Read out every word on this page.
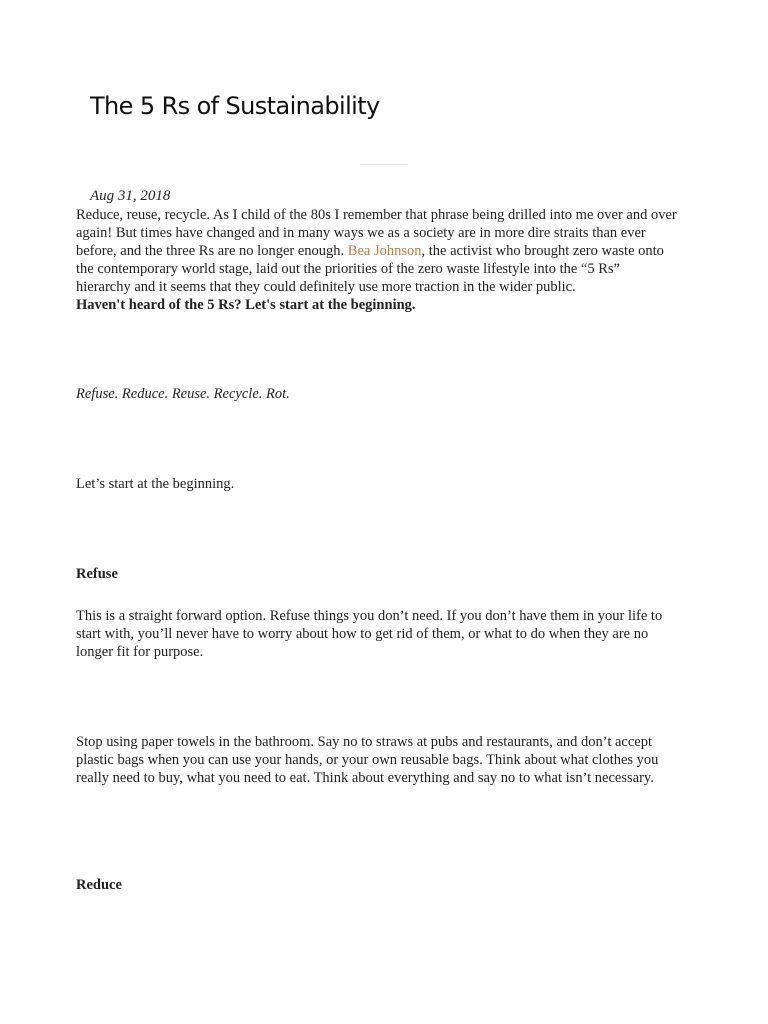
The 5 Rs of Sustainability
Aug 31, 2018

Reduce, reuse, recycle. As I child of the 80s I remember that phrase being drilled into me over and over again! But times have changed and in many ways we as a society are in more dire straits than ever before, and the three Rs are no longer enough. Bea Johnson, the activist who brought zero waste onto the contemporary world stage, laid out the priorities of the zero waste lifestyle into the “5 Rs” hierarchy and it seems that they could definitely use more traction in the wider public.

Haven't heard of the 5 Rs? Let's start at the beginning.

Refuse. Reduce. Reuse. Recycle. Rot.

Let’s start at the beginning.

Refuse

This is a straight forward option. Refuse things you don’t need. If you don’t have them in your life to start with, you’ll never have to worry about how to get rid of them, or what to do when they are no longer fit for purpose.

Stop using paper towels in the bathroom. Say no to straws at pubs and restaurants, and don’t accept plastic bags when you can use your hands, or your own reusable bags. Think about what clothes you really need to buy, what you need to eat. Think about everything and say no to what isn’t necessary.

Reduce
